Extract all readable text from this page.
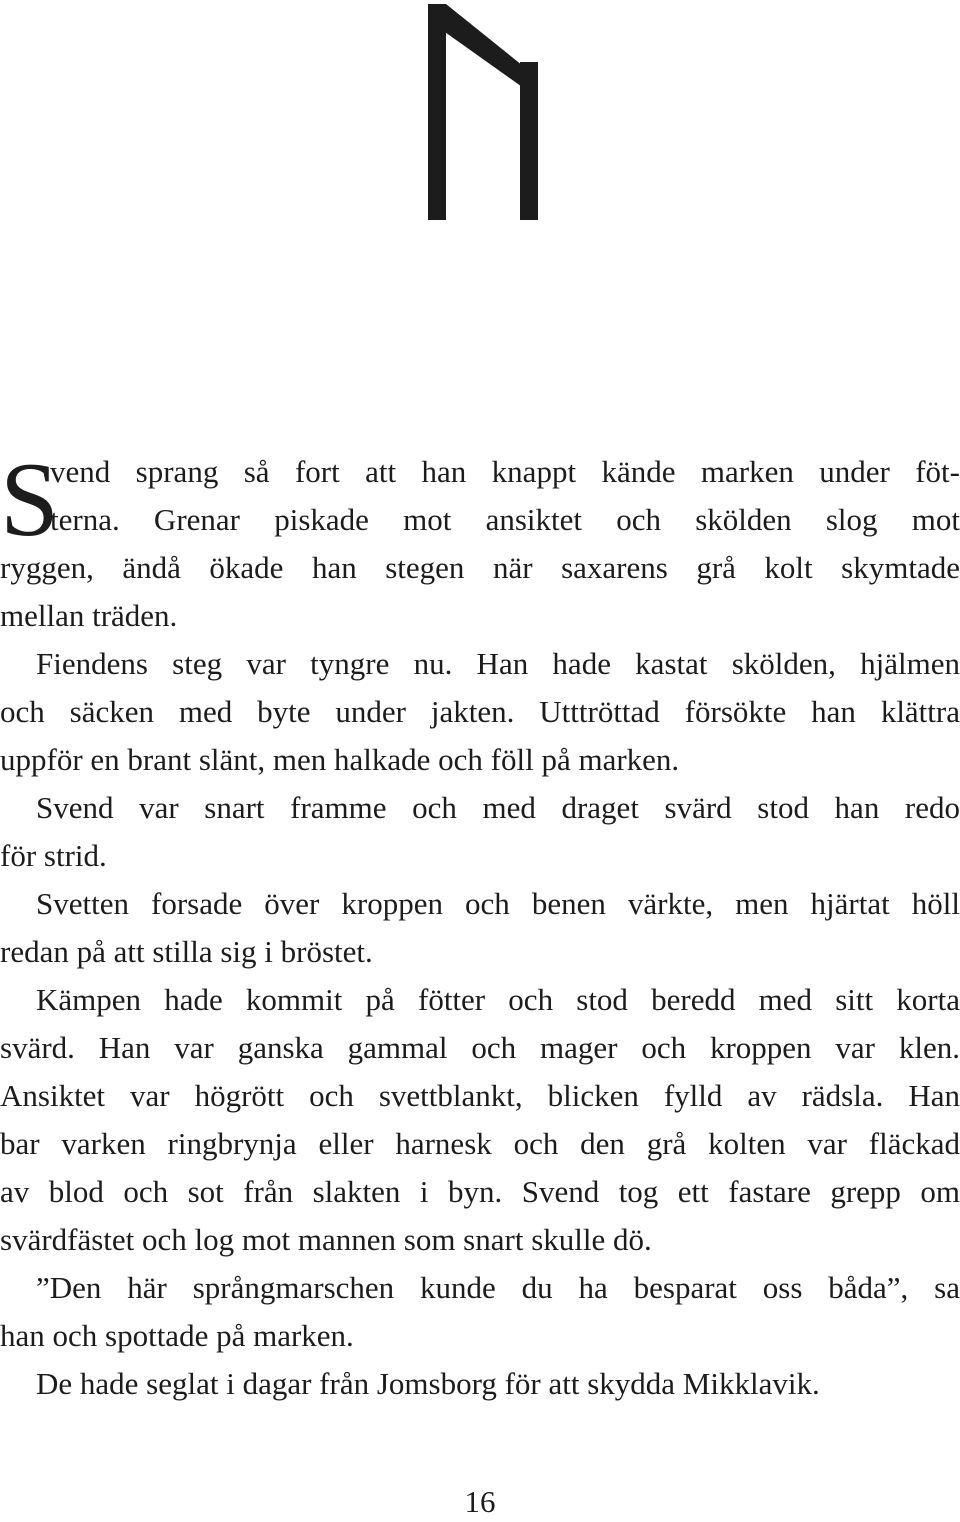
S
vend sprang så fort att han knappt kände marken under föt-
terna. Grenar piskade mot ansiktet och skölden slog mot
ryggen, ändå ökade han stegen när saxarens grå kolt skymtade
mellan träden.
Fiendens steg var tyngre nu. Han hade kastat skölden, hjälmen
och säcken med byte under jakten. Utttröttad försökte han klättra
uppför en brant slänt, men halkade och föll på marken.
Svend var snart framme och med draget svärd stod han redo
för strid.
Svetten forsade över kroppen och benen värkte, men hjärtat höll
redan på att stilla sig i bröstet.
Kämpen hade kommit på fötter och stod beredd med sitt korta
svärd. Han var ganska gammal och mager och kroppen var klen.
Ansiktet var högrött och svettblankt, blicken fylld av rädsla. Han
bar varken ringbrynja eller harnesk och den grå kolten var fläckad
av blod och sot från slakten i byn. Svend tog ett fastare grepp om
svärdfästet och log mot mannen som snart skulle dö.
”Den här språngmarschen kunde du ha besparat oss båda”, sa
han och spottade på marken.
De hade seglat i dagar från Jomsborg för att skydda Mikklavik.
16
